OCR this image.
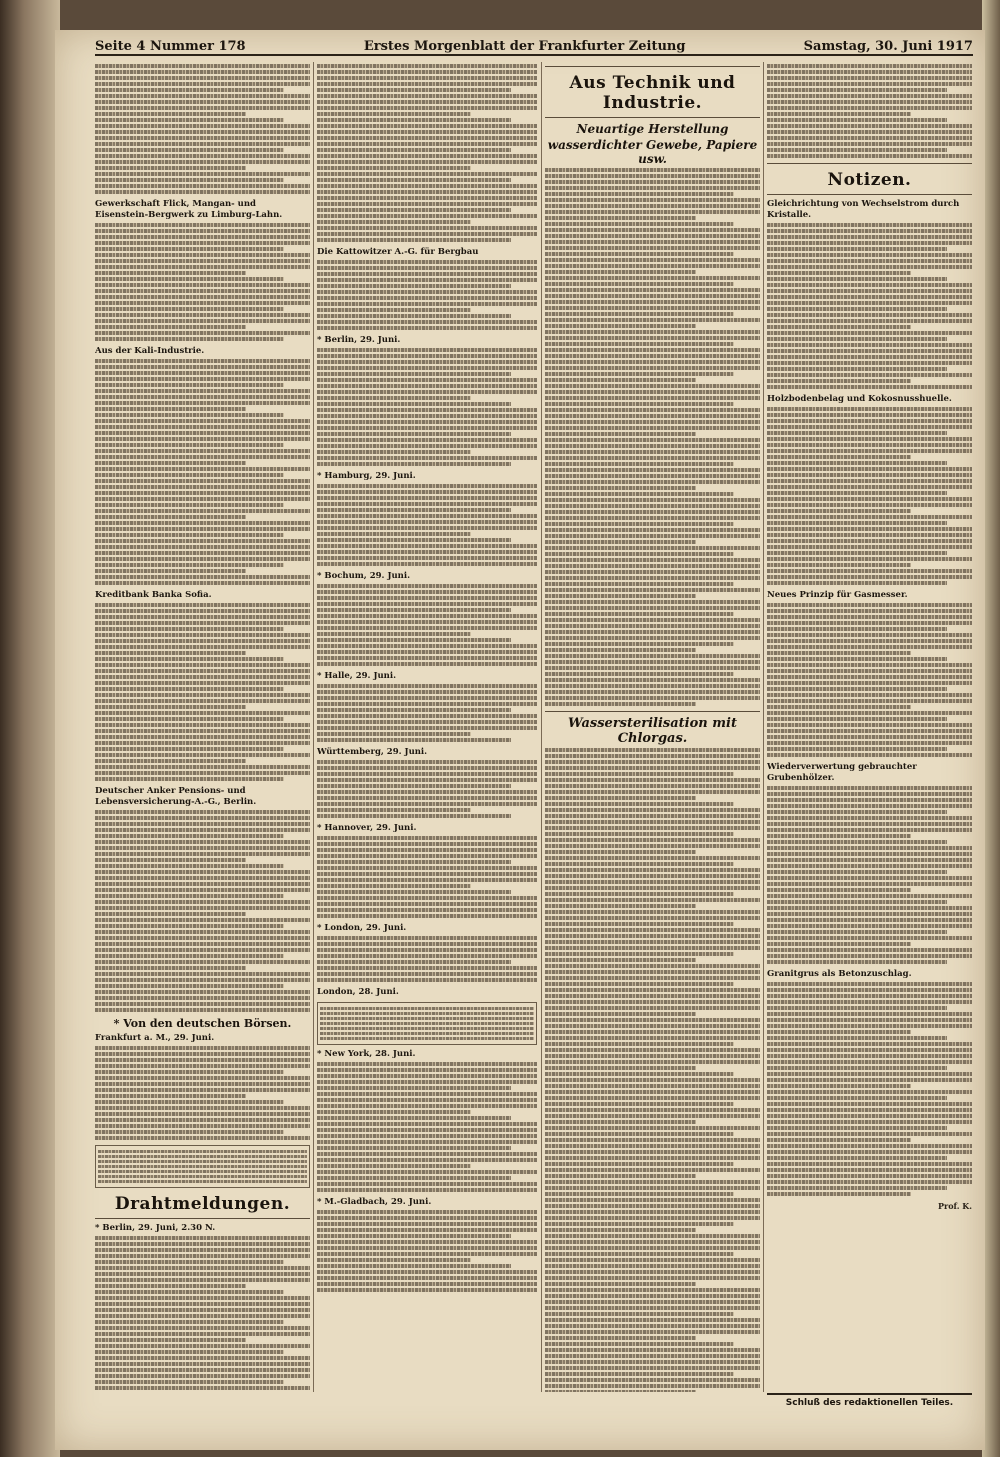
Seite 4 Nummer 178	Erstes Morgenblatt der Frankfurter Zeitung	Samstag, 30. Juni 1917
Gewerkschaft Flick, Mangan- und Eisenstein-Bergwerk zu Limburg-Lahn.
Aus der Kali-Industrie.
Kreditbank Banka Sofia.
Deutscher Anker Pensions- und Lebensversicherung-A.-G., Berlin.
* Von den deutschen Börsen.
Frankfurt a. M., 29. Juni.
Drahtmeldungen.
* Berlin, 29. Juni, 2.30 N.
Die Kattowitzer A.-G. für Bergbau
* Berlin, 29. Juni.
* Hamburg, 29. Juni.
* Bochum, 29. Juni.
* Halle, 29. Juni.
Württemberg, 29. Juni.
* Hannover, 29. Juni.
* London, 29. Juni.
London, 28. Juni.
* New York, 28. Juni.
* M.-Gladbach, 29. Juni.
Aus Technik und Industrie.
Neuartige Herstellung
wasserdichter Gewebe, Papiere usw.
Wassersterilisation mit Chlorgas.
Notizen.
Gleichrichtung von Wechselstrom durch Kristalle.
Holzbodenbelag und Kokosnusshuelle.
Neues Prinzip für Gasmesser.
Wiederverwertung gebrauchter Grubenhölzer.
Granitgrus als Betonzuschlag.
Prof. K.
Schluß des redaktionellen Teiles.
